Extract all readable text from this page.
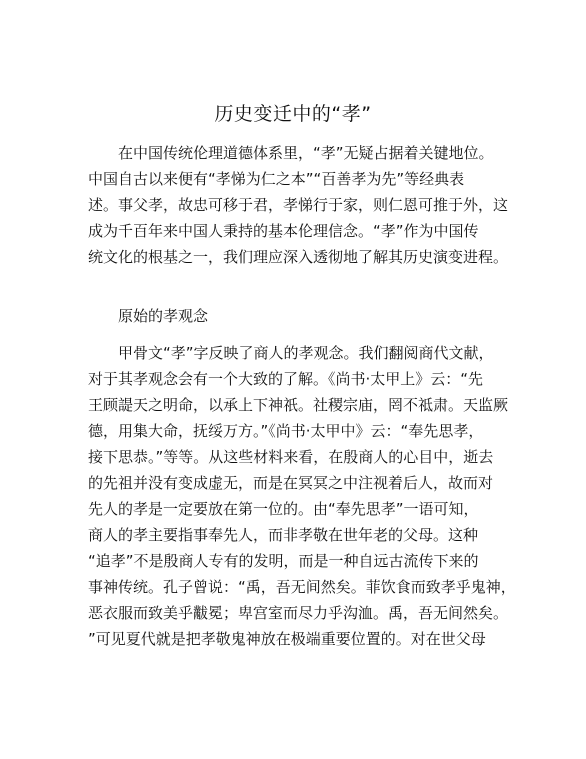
历史变迁中的“孝”
在中国传统伦理道德体系里，“孝”无疑占据着关键地位。
中国自古以来便有“孝悌为仁之本”“百善孝为先”等经典表
述。事父孝，故忠可移于君，孝悌行于家，则仁恩可推于外，这
成为千百年来中国人秉持的基本伦理信念。“孝”作为中国传
统文化的根基之一，我们理应深入透彻地了解其历史演变进程。
原始的孝观念
甲骨文“孝”字反映了商人的孝观念。我们翻阅商代文献，
对于其孝观念会有一个大致的了解。《尚书·太甲上》云：“先
王顾諟天之明命，以承上下神祇。社稷宗庙，罔不祗肃。天监厥
德，用集大命，抚绥万方。”《尚书·太甲中》云：“奉先思孝，
接下思恭。”等等。从这些材料来看，在殷商人的心目中，逝去
的先祖并没有变成虚无，而是在冥冥之中注视着后人，故而对
先人的孝是一定要放在第一位的。由“奉先思孝”一语可知，
商人的孝主要指事奉先人，而非孝敬在世年老的父母。这种
“追孝”不是殷商人专有的发明，而是一种自远古流传下来的
事神传统。孔子曾说：“禹，吾无间然矣。菲饮食而致孝乎鬼神，
恶衣服而致美乎黻冕；卑宫室而尽力乎沟洫。禹，吾无间然矣。
”可见夏代就是把孝敬鬼神放在极端重要位置的。对在世父母
